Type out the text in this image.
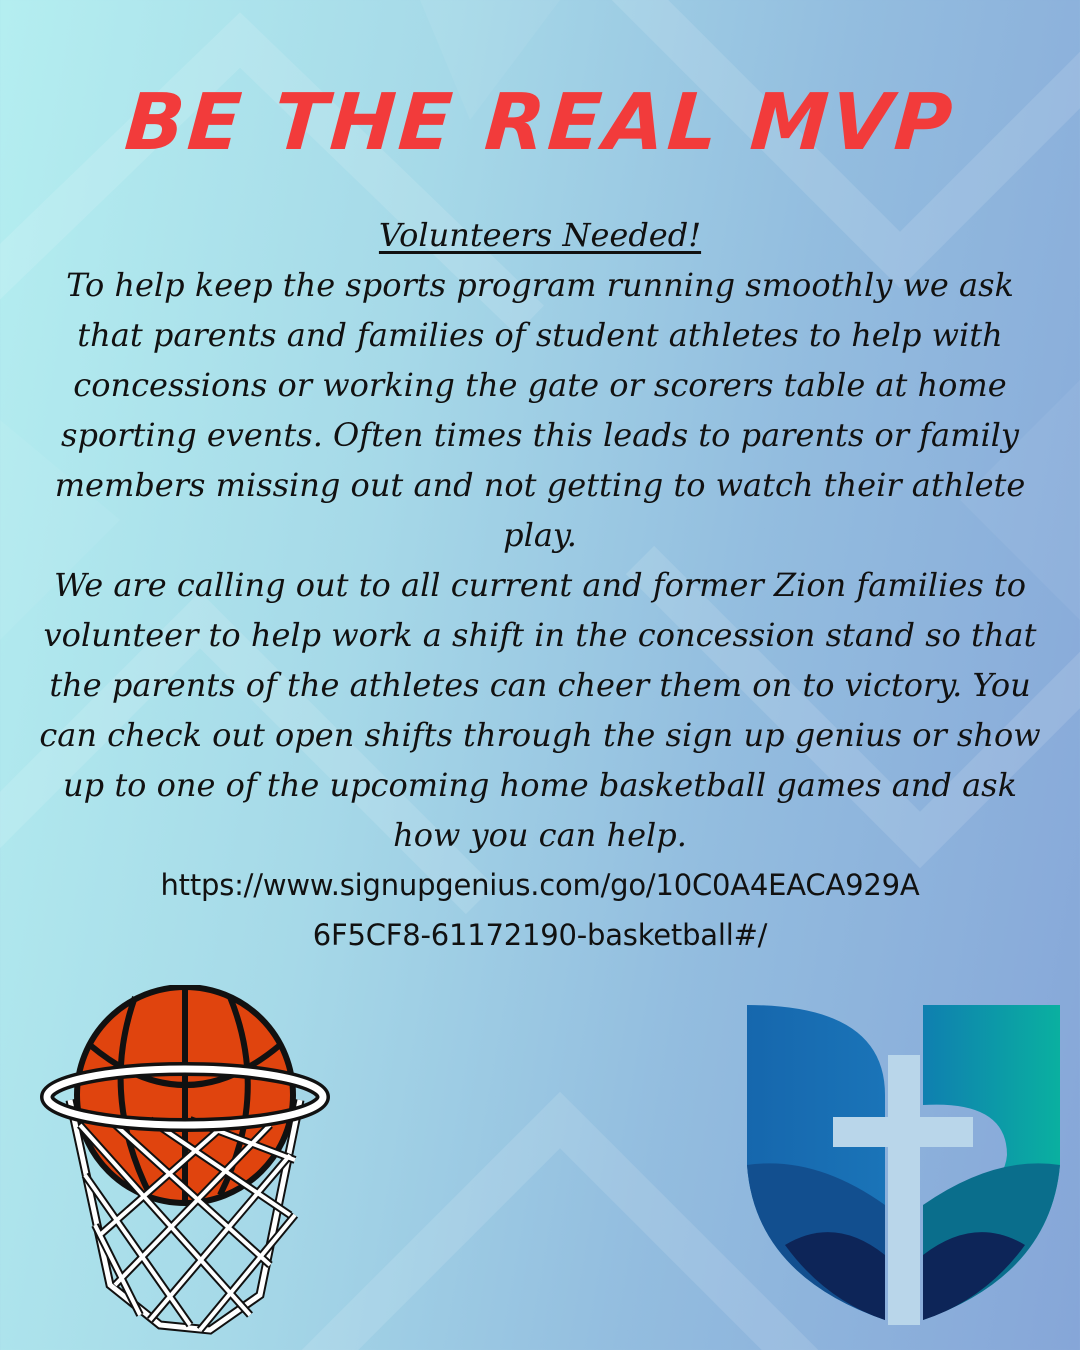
BE THE REAL MVP

Volunteers Needed!

To help keep the sports program running smoothly we ask that parents and families of student athletes to help with concessions or working the gate or scorers table at home sporting events. Often times this leads to parents or family members missing out and not getting to watch their athlete play.

We are calling out to all current and former Zion families to volunteer to help work a shift in the concession stand so that the parents of the athletes can cheer them on to victory. You can check out open shifts through the sign up genius or show up to one of the upcoming home basketball games and ask how you can help.

https://www.signupgenius.com/go/10C0A4EACA929A
6F5CF8-61172190-basketball#/
